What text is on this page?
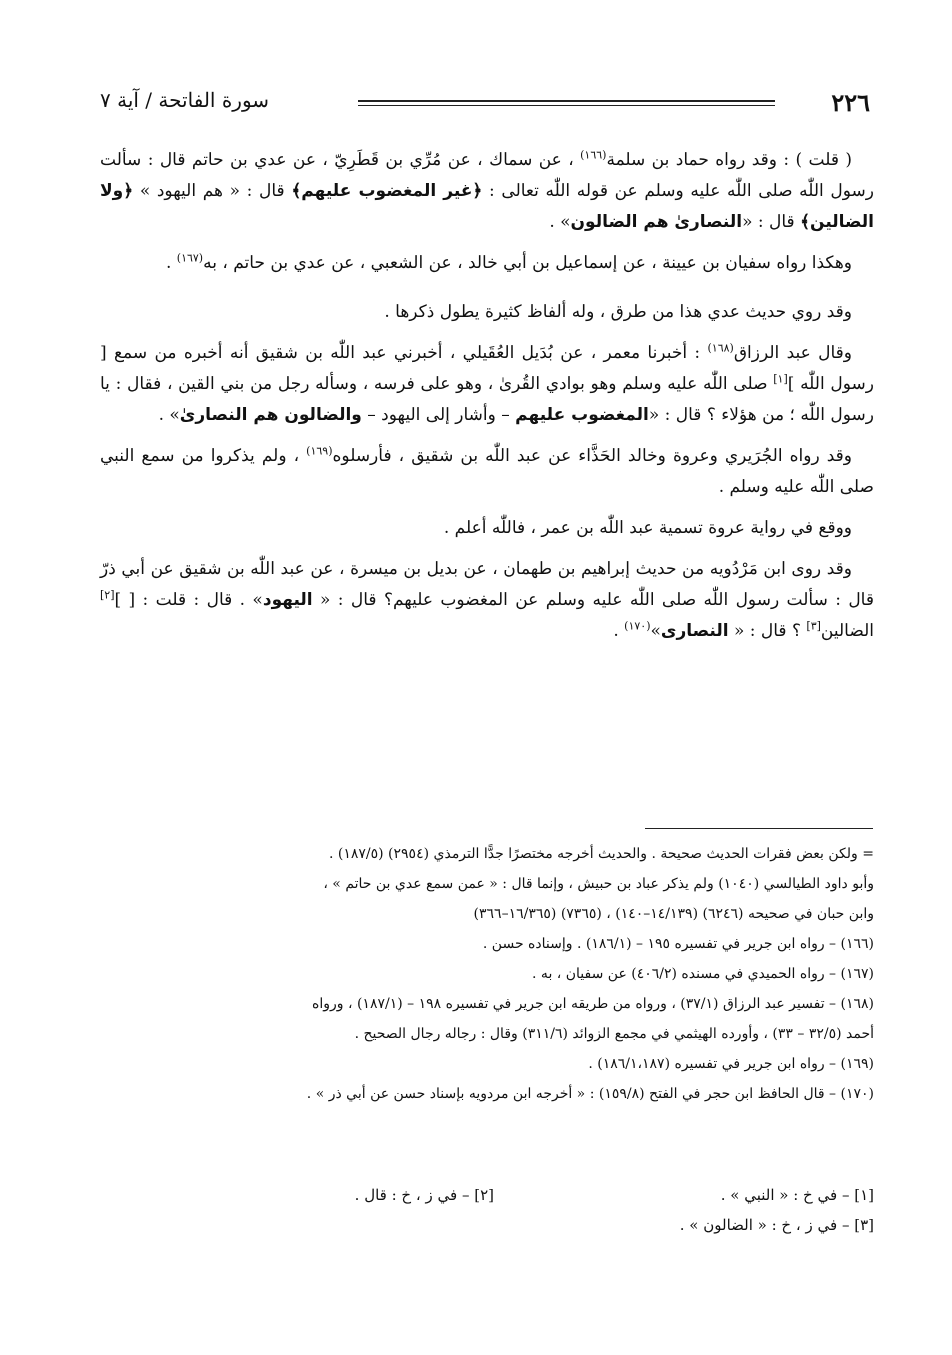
٢٢٦
سورة الفاتحة / آية ٧

( قلت ) : وقد رواه حماد بن سلمة$^{(١٦٦)}$ ، عن سماك ، عن مُرِّي بن قَطَرِيّ ، عن عدي بن حاتم قال : سألت رسول اللّٰه صلى اللّٰه عليه وسلم عن قوله اللّٰه تعالى : ﴿غير المغضوب عليهم﴾ قال : « هم اليهود » ﴿ولا الضالين﴾ قال : «النصارىٰ هم الضالون» .

وهكذا رواه سفيان بن عيينة ، عن إسماعيل بن أبي خالد ، عن الشعبي ، عن عدي بن حاتم ، به$^{(١٦٧)}$ .

وقد روي حديث عدي هذا من طرق ، وله ألفاظ كثيرة يطول ذكرها .

وقال عبد الرزاق$^{(١٦٨)}$ : أخبرنا معمر ، عن بُدَيل العُقَيلي ، أخبرني عبد اللّٰه بن شقيق أنه أخبره من سمع [ رسول اللّٰه ][١] صلى اللّٰه عليه وسلم وهو بوادي القُرىٰ ، وهو على فرسه ، وسأله رجل من بني القين ، فقال : يا رسول اللّٰه ؛ من هؤلاء ؟ قال : «المغضوب عليهم – وأشار إلى اليهود – والضالون هم النصارىٰ» .

وقد رواه الجُرَيري وعروة وخالد الحَذَّاء عن عبد اللّٰه بن شقيق ، فأرسلوه$^{(١٦٩)}$ ، ولم يذكروا من سمع النبي صلى اللّٰه عليه وسلم .

ووقع في رواية عروة تسمية عبد اللّٰه بن عمر ، فاللّٰه أعلم .

وقد روى ابن مَرْدُويه من حديث إبراهيم بن طهمان ، عن بديل بن ميسرة ، عن عبد اللّٰه بن شقيق عن أبي ذرّ قال : سألت رسول اللّٰه صلى اللّٰه عليه وسلم عن المغضوب عليهم؟ قال : « اليهود» . قال : قلت : [ ][٢] الضالين[٣] ؟ قال : « النصارى»$^{(١٧٠)}$ .

= ولكن بعض فقرات الحديث صحيحة . والحديث أخرجه مختصرًا جدًّا الترمذي (٢٩٥٤) (١٨٧/٥) .
وأبو داود الطيالسي (١٠٤٠) ولم يذكر عباد بن حبيش ، وإنما قال : « عمن سمع عدي بن حاتم » ،
وابن حبان في صحيحه (٦٢٤٦) (١٤/١٣٩–١٤٠) ، (٧٣٦٥) (١٦/٣٦٥–٣٦٦)
(١٦٦) – رواه ابن جرير في تفسيره ١٩٥ – (١٨٦/١) . وإسناده حسن .
(١٦٧) – رواه الحميدي في مسنده (٤٠٦/٢) عن سفيان ، به .
(١٦٨) – تفسير عبد الرزاق (٣٧/١) ، ورواه من طريقه ابن جرير في تفسيره ١٩٨ – (١٨٧/١) ، ورواه
أحمد (٣٢/٥ – ٣٣) ، وأورده الهيثمي في مجمع الزوائد (٣١١/٦) وقال : رجاله رجال الصحيح .
(١٦٩) – رواه ابن جرير في تفسيره (١٨٦/١،١٨٧) .
(١٧٠) – قال الحافظ ابن حجر في الفتح (١٥٩/٨) : « أخرجه ابن مردويه بإسناد حسن عن أبي ذر » .
[١] – في خ : « النبي » .
[٢] – في ز ، خ : قال .
[٣] – في ز ، خ : « الضالون » .
